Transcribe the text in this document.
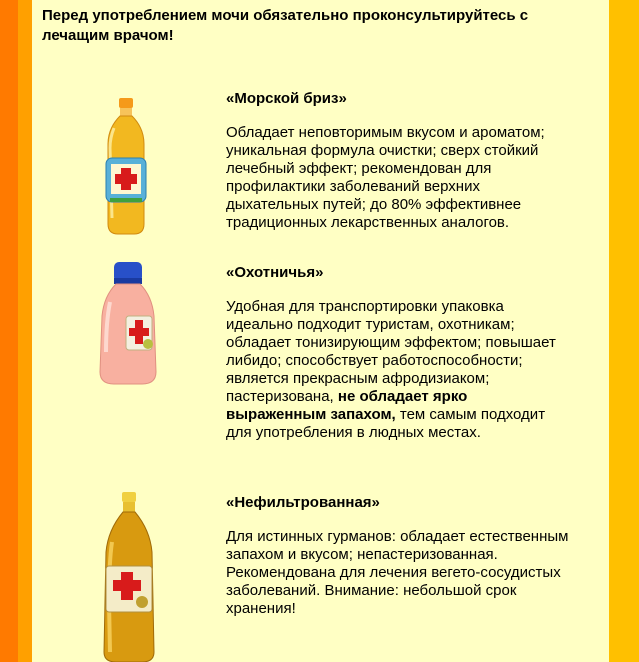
Перед употреблением мочи обязательно проконсультируйтесь с лечащим врачом!
«Морской бриз»
Обладает неповторимым вкусом и ароматом; уникальная формула очистки; сверх стойкий лечебный эффект; рекомендован для профилактики заболеваний верхних дыхательных путей; до 80% эффективнее традиционных лекарственных аналогов.
«Охотничья»
Удобная для транспортировки упаковка идеально подходит туристам, охотникам; обладает тонизирующим эффектом; повышает либидо; способствует работоспособности; является прекрасным афродизиаком; пастеризована, не обладает ярко выраженным запахом, тем самым подходит для употребления в людных местах.
«Нефильтрованная»
Для истинных гурманов: обладает естественным запахом и вкусом; непастеризованная. Рекомендована для лечения вегето-сосудистых заболеваний. Внимание: небольшой срок хранения!
